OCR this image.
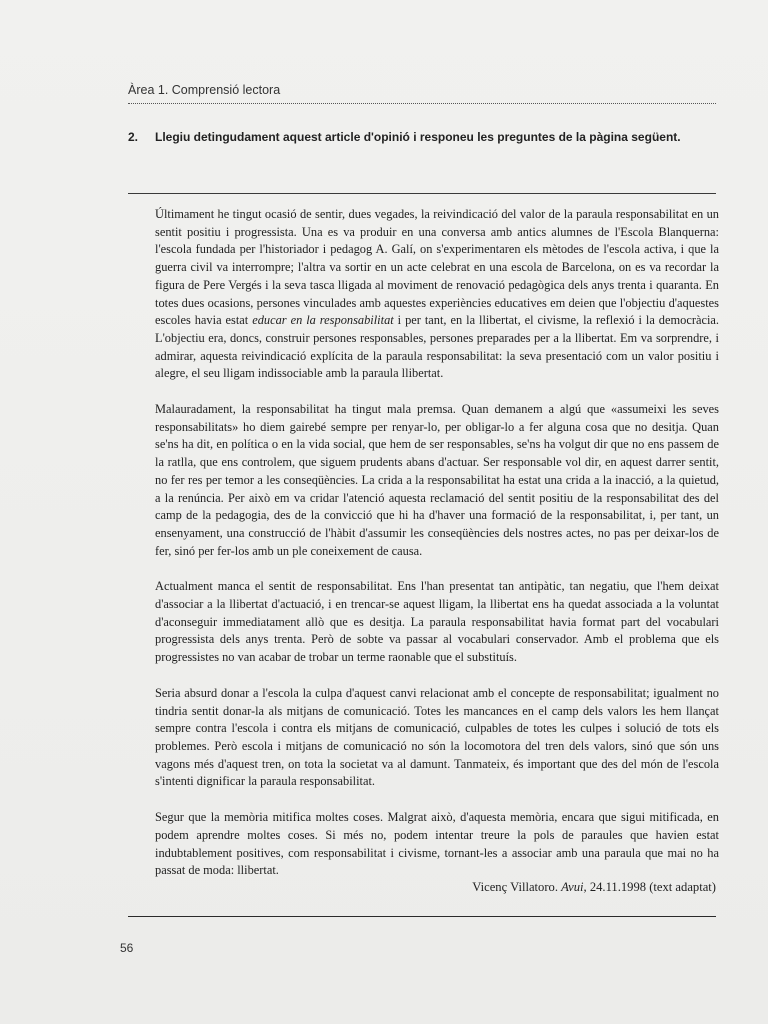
Àrea 1. Comprensió lectora
2. Llegiu detingudament aquest article d'opinió i responeu les preguntes de la pàgina següent.

Últimament he tingut ocasió de sentir, dues vegades, la reivindicació del valor de la paraula responsabilitat en un sentit positiu i progressista. Una es va produir en una conversa amb antics alumnes de l'Escola Blanquerna: l'escola fundada per l'historiador i pedagog A. Galí, on s'experimentaren els mètodes de l'escola activa, i que la guerra civil va interrompre; l'altra va sortir en un acte celebrat en una escola de Barcelona, on es va recordar la figura de Pere Vergés i la seva tasca lligada al moviment de renovació pedagògica dels anys trenta i quaranta. En totes dues ocasions, persones vinculades amb aquestes experiències educatives em deien que l'objectiu d'aquestes escoles havia estat educar en la responsabilitat i per tant, en la llibertat, el civisme, la reflexió i la democràcia. L'objectiu era, doncs, construir persones responsables, persones preparades per a la llibertat. Em va sorprendre, i admirar, aquesta reivindicació explícita de la paraula responsabilitat: la seva presentació com un valor positiu i alegre, el seu lligam indissociable amb la paraula llibertat.

Malauradament, la responsabilitat ha tingut mala premsa. Quan demanem a algú que «assumeixi les seves responsabilitats» ho diem gairebé sempre per renyar-lo, per obligar-lo a fer alguna cosa que no desitja. Quan se'ns ha dit, en política o en la vida social, que hem de ser responsables, se'ns ha volgut dir que no ens passem de la ratlla, que ens controlem, que siguem prudents abans d'actuar. Ser responsable vol dir, en aquest darrer sentit, no fer res per temor a les conseqüències. La crida a la responsabilitat ha estat una crida a la inacció, a la quietud, a la renúncia. Per això em va cridar l'atenció aquesta reclamació del sentit positiu de la responsabilitat des del camp de la pedagogia, des de la convicció que hi ha d'haver una formació de la responsabilitat, i, per tant, un ensenyament, una construcció de l'hàbit d'assumir les conseqüències dels nostres actes, no pas per deixar-los de fer, sinó per fer-los amb un ple coneixement de causa.

Actualment manca el sentit de responsabilitat. Ens l'han presentat tan antipàtic, tan negatiu, que l'hem deixat d'associar a la llibertat d'actuació, i en trencar-se aquest lligam, la llibertat ens ha quedat associada a la voluntat d'aconseguir immediatament allò que es desitja. La paraula responsabilitat havia format part del vocabulari progressista dels anys trenta. Però de sobte va passar al vocabulari conservador. Amb el problema que els progressistes no van acabar de trobar un terme raonable que el substituís.

Seria absurd donar a l'escola la culpa d'aquest canvi relacionat amb el concepte de responsabilitat; igualment no tindria sentit donar-la als mitjans de comunicació. Totes les mancances en el camp dels valors les hem llançat sempre contra l'escola i contra els mitjans de comunicació, culpables de totes les culpes i solució de tots els problemes. Però escola i mitjans de comunicació no són la locomotora del tren dels valors, sinó que són uns vagons més d'aquest tren, on tota la societat va al damunt. Tanmateix, és important que des del món de l'escola s'intenti dignificar la paraula responsabilitat.

Segur que la memòria mitifica moltes coses. Malgrat això, d'aquesta memòria, encara que sigui mitificada, en podem aprendre moltes coses. Si més no, podem intentar treure la pols de paraules que havien estat indubtablement positives, com responsabilitat i civisme, tornant-les a associar amb una paraula que mai no ha passat de moda: llibertat.

Vicenç Villatoro. Avui, 24.11.1998 (text adaptat)
56
